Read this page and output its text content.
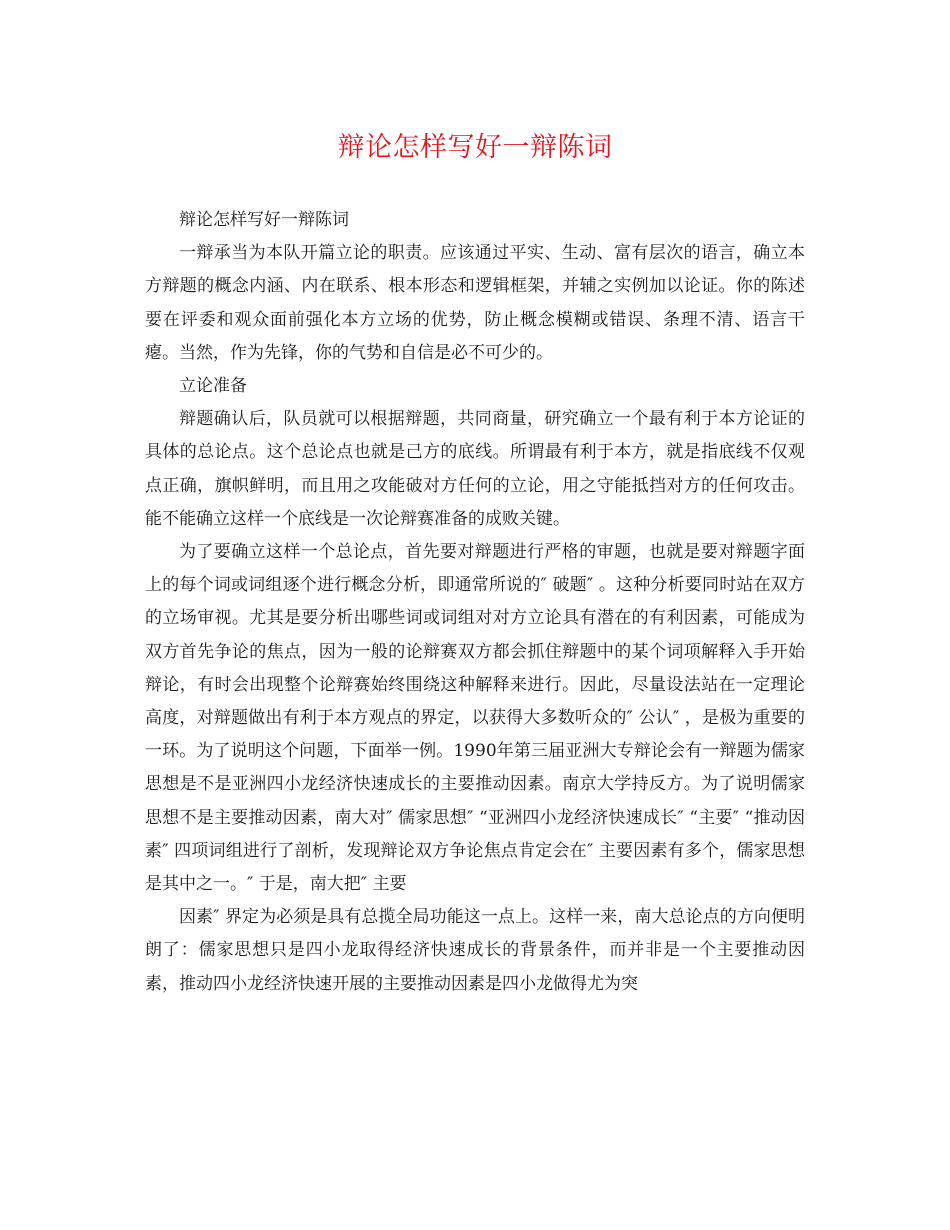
辩论怎样写好一辩陈词

辩论怎样写好一辩陈词

一辩承当为本队开篇立论的职责。应该通过平实、生动、富有层次的语言，确立本方辩题的概念内涵、内在联系、根本形态和逻辑框架，并辅之实例加以论证。你的陈述要在评委和观众面前强化本方立场的优势，防止概念模糊或错误、条理不清、语言干瘪。当然，作为先锋，你的气势和自信是必不可少的。

立论准备

辩题确认后，队员就可以根据辩题，共同商量，研究确立一个最有利于本方论证的具体的总论点。这个总论点也就是己方的底线。所谓最有利于本方，就是指底线不仅观点正确，旗帜鲜明，而且用之攻能破对方任何的立论，用之守能抵挡对方的任何攻击。能不能确立这样一个底线是一次论辩赛准备的成败关键。

为了要确立这样一个总论点，首先要对辩题进行严格的审题，也就是要对辩题字面上的每个词或词组逐个进行概念分析，即通常所说的″ 破题″ 。这种分析要同时站在双方的立场审视。尤其是要分析出哪些词或词组对对方立论具有潜在的有利因素，可能成为双方首先争论的焦点，因为一般的论辩赛双方都会抓住辩题中的某个词项解释入手开始辩论，有时会出现整个论辩赛始终围绕这种解释来进行。因此，尽量设法站在一定理论高度，对辩题做出有利于本方观点的界定，以获得大多数听众的″ 公认″ ，是极为重要的一环。为了说明这个问题，下面举一例。1990年第三届亚洲大专辩论会有一辩题为儒家思想是不是亚洲四小龙经济快速成长的主要推动因素。南京大学持反方。为了说明儒家思想不是主要推动因素，南大对″ 儒家思想″ “亚洲四小龙经济快速成长″ “主要″ “推动因素″ 四项词组进行了剖析，发现辩论双方争论焦点肯定会在″ 主要因素有多个，儒家思想是其中之一。″ 于是，南大把″ 主要

因素″ 界定为必须是具有总揽全局功能这一点上。这样一来，南大总论点的方向便明朗了：儒家思想只是四小龙取得经济快速成长的背景条件，而并非是一个主要推动因素，推动四小龙经济快速开展的主要推动因素是四小龙做得尤为突
